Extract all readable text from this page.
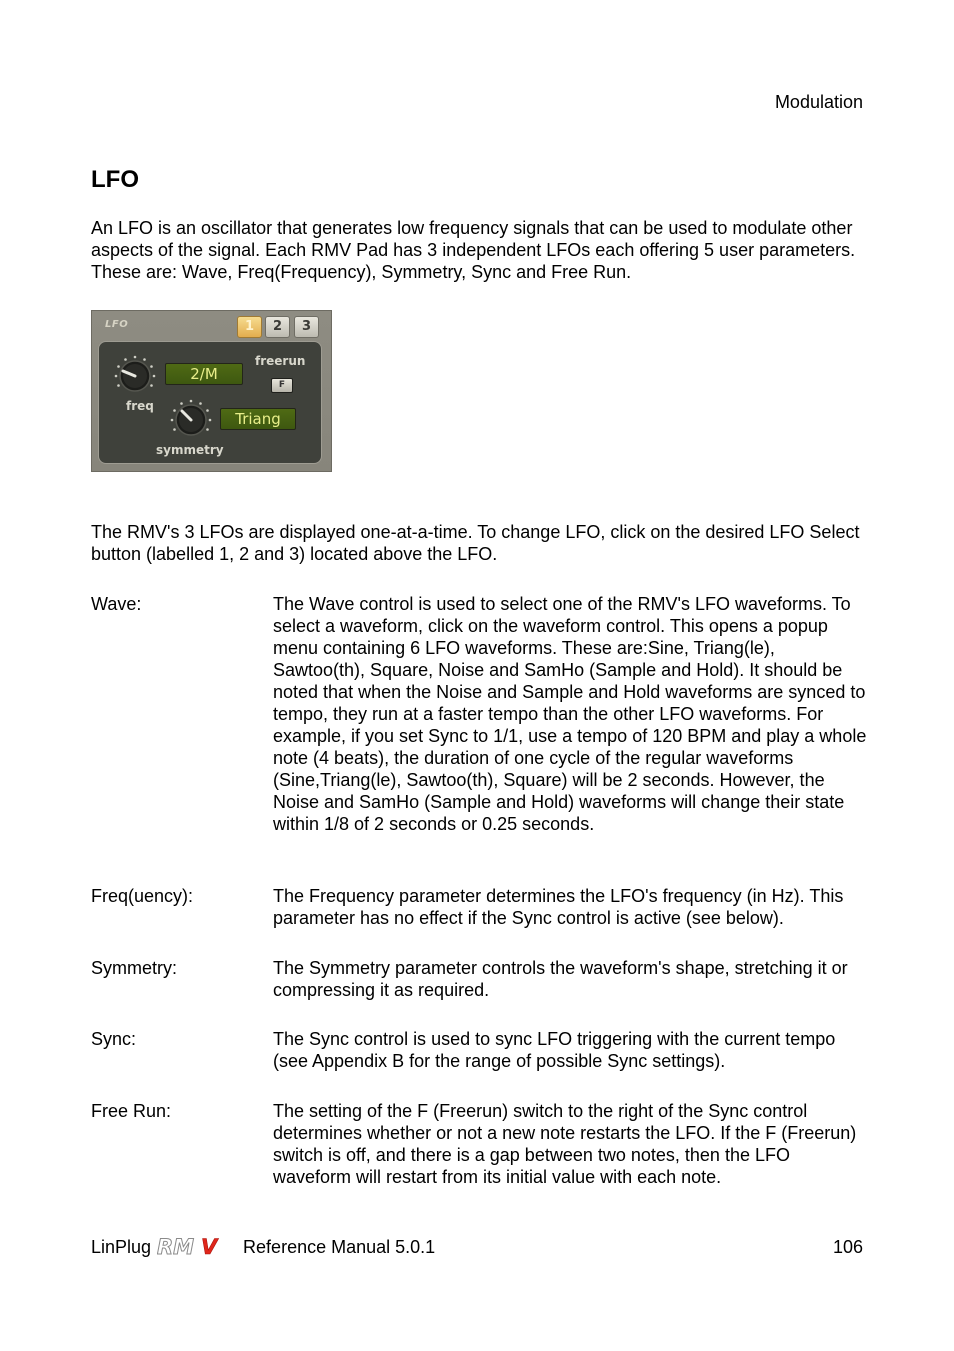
Modulation
LFO
An LFO is an oscillator that generates low frequency signals that can be used to modulate other aspects of the signal. Each RMV Pad has 3 independent LFOs each offering 5 user parameters. These are: Wave, Freq(Frequency), Symmetry, Sync and Free Run.
LFO	1	2	3
freq
2/M
freerun
F
symmetry
Triang
The RMV's 3 LFOs are displayed one-at-a-time. To change LFO, click on the desired LFO Select button (labelled 1, 2 and 3) located above the LFO.
Wave:	The Wave control is used to select one of the RMV's LFO waveforms. To select a waveform, click on the waveform control. This opens a popup menu containing 6 LFO waveforms. These are:Sine, Triang(le), Sawtoo(th), Square, Noise and SamHo (Sample and Hold). It should be noted that when the Noise and Sample and Hold waveforms are synced to tempo, they run at a faster tempo than the other LFO waveforms. For example, if you set Sync to 1/1, use a tempo of 120 BPM and play a whole note (4 beats), the duration of one cycle of the regular waveforms (Sine,Triang(le), Sawtoo(th), Square) will be 2 seconds. However, the Noise and SamHo (Sample and Hold) waveforms will change their state within 1/8 of 2 seconds or 0.25 seconds.
Freq(uency):	The Frequency parameter determines the LFO's frequency (in Hz). This parameter has no effect if the Sync control is active (see below).
Symmetry:	The Symmetry parameter controls the waveform's shape, stretching it or compressing it as required.
Sync:	The Sync control is used to sync LFO triggering with the current tempo (see Appendix B for the range of possible Sync settings).
Free Run:	The setting of the F (Freerun) switch to the right of the Sync control determines whether or not a new note restarts the LFO. If the F (Freerun) switch is off, and there is a gap between two notes, then the LFO waveform will restart from its initial value with each note.
LinPlug RM V Reference Manual 5.0.1	106
